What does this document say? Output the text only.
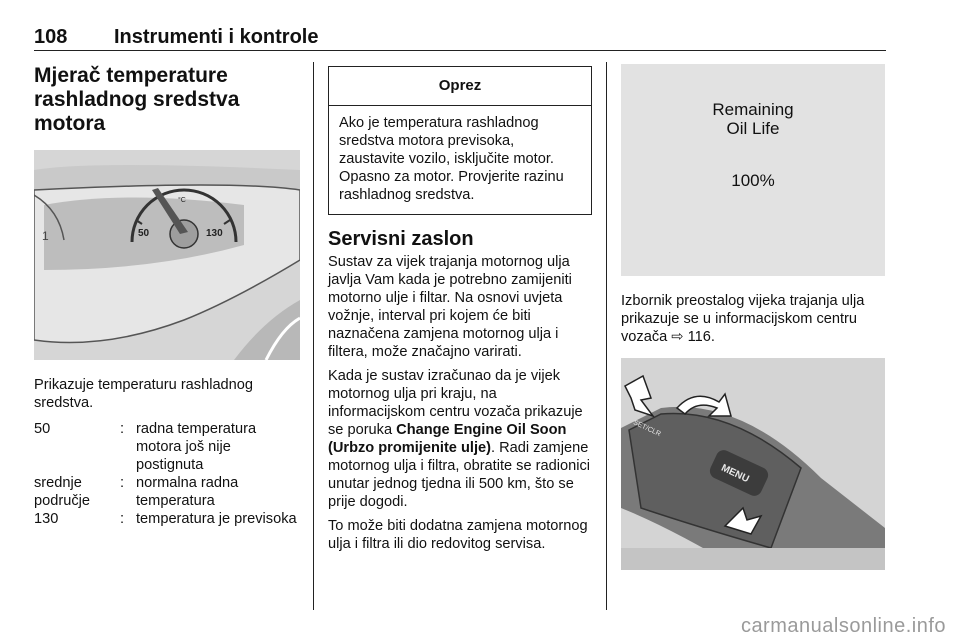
108 Instrumenti i kontrole
Mjerač temperature rashladnog sredstva motora
1	50	130
°C

Prikazuje temperaturu rashladnog sredstva.

50	:	radna temperatura motora još nije postignuta
srednje područje	:	normalna radna temperatura
130	:	temperatura je previsoka
Oprez
Ako je temperatura rashladnog sredstva motora previsoka, zaustavite vozilo, isključite motor. Opasno za motor. Provjerite razinu rashladnog sredstva.
Servisni zaslon

Sustav za vijek trajanja motornog ulja javlja Vam kada je potrebno zamijeniti motorno ulje i filtar. Na osnovi uvjeta vožnje, interval pri kojem će biti naznačena zamjena motornog ulja i filtera, može značajno varirati.

Kada je sustav izračunao da je vijek motornog ulja pri kraju, na informacijskom centru vozača prikazuje se poruka Change Engine Oil Soon (Urbzo promijenite ulje). Radi zamjene motornog ulja i filtra, obratite se radionici unutar jednog tjedna ili 500 km, što se prije dogodi.

To može biti dodatna zamjena motornog ulja i filtra ili dio redovitog servisa.

Remaining
Oil Life
100%

Izbornik preostalog vijeka trajanja ulja prikazuje se u informacijskom centru vozača ⇨ 116.

MENU
SET/CLR
carmanualsonline.info
